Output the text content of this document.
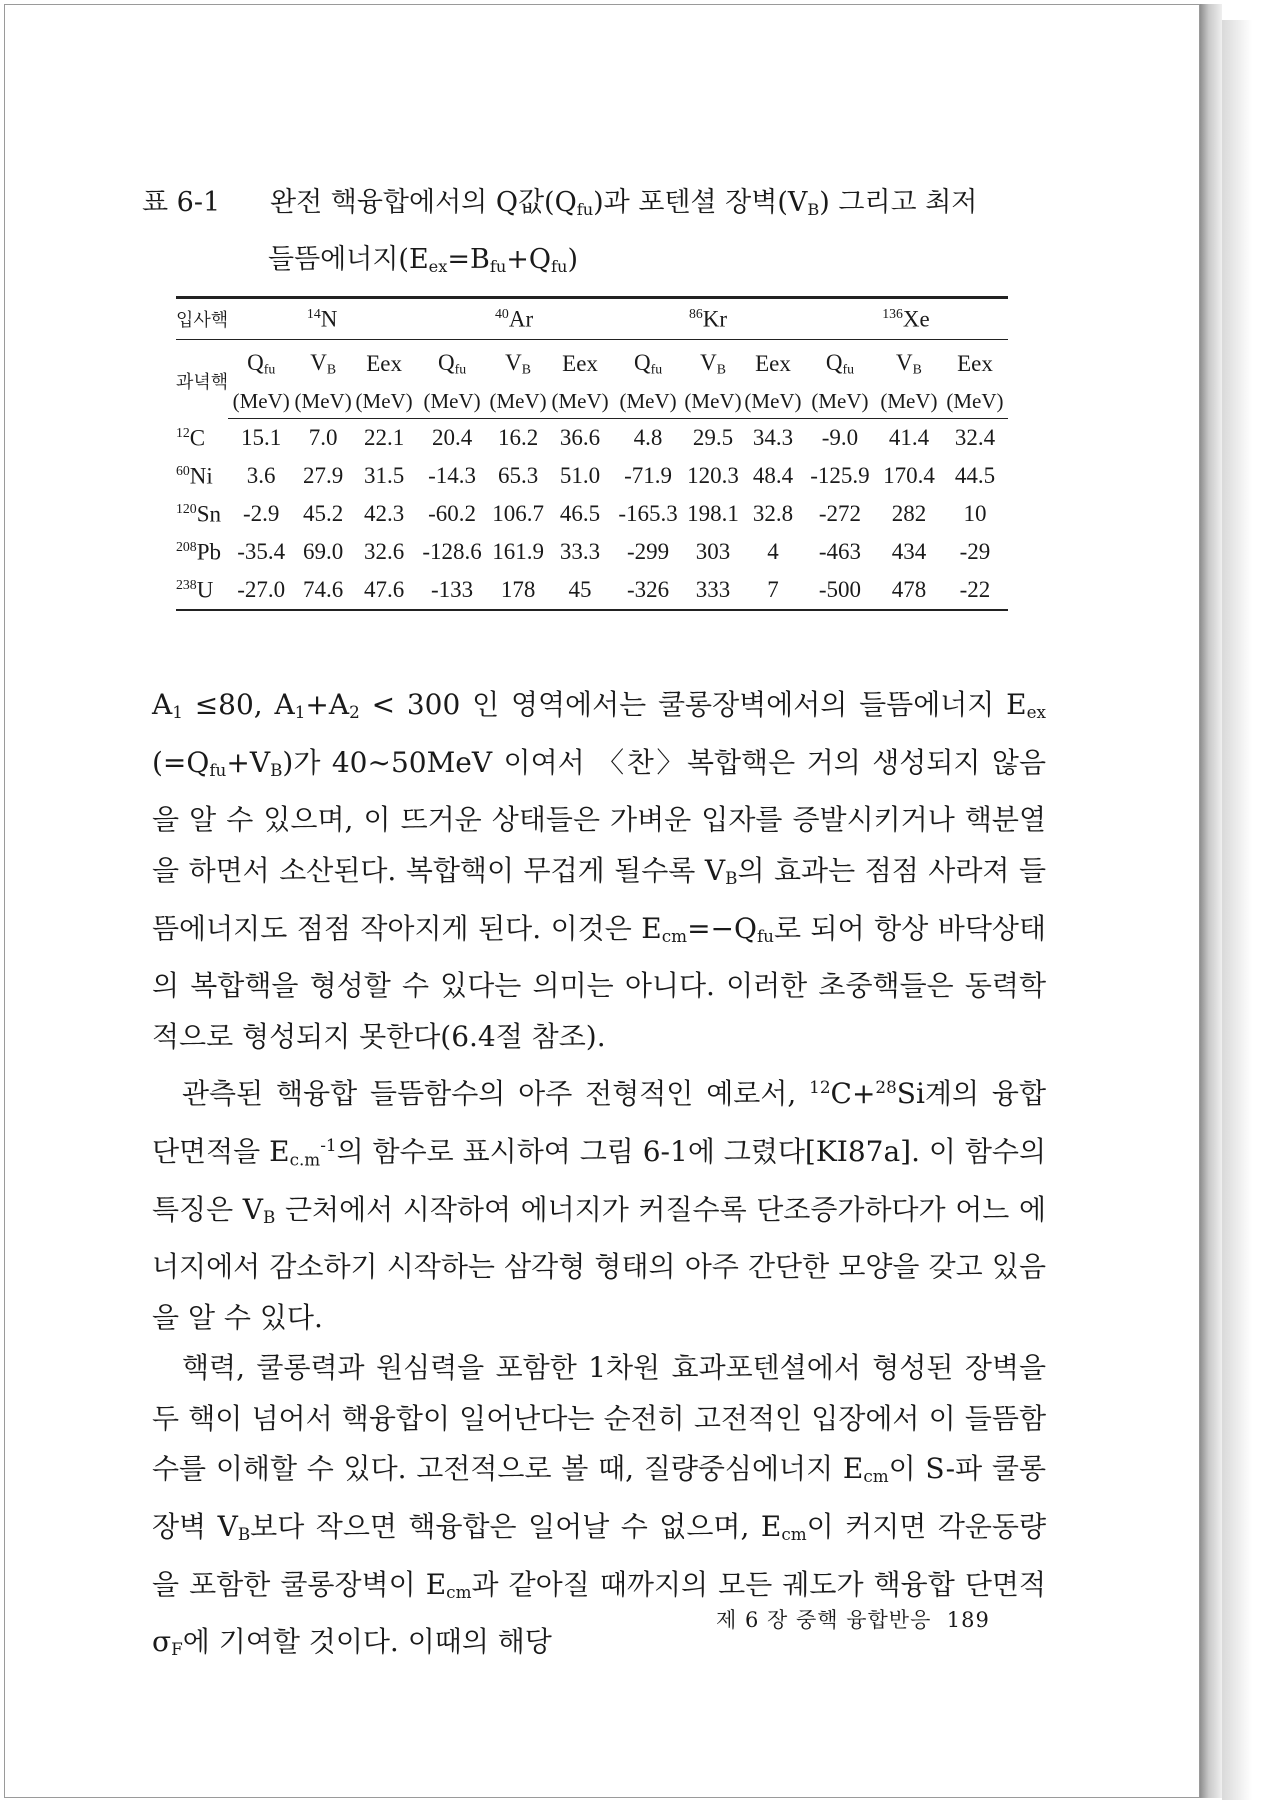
표 6-1 완전 핵융합에서의 Q값$(Q_{fu})$과 포텐셜 장벽$(V_B)$ 그리고 최저
들뜸에너지$(E_{ex}=B_{fu}+Q_{fu})$
입사핵	$^{14}$N			$^{40}$Ar			$^{86}$Kr			$^{136}$Xe		
과녁핵	$Q_{fu}$	$V_B$	Eex	$Q_{fu}$	$V_B$	Eex	$Q_{fu}$	$V_B$	Eex	$Q_{fu}$	$V_B$	Eex
	(MeV)	(MeV)	(MeV)	(MeV)	(MeV)	(MeV)	(MeV)	(MeV)	(MeV)	(MeV)	(MeV)	(MeV)
$^{12}$C	15.1	7.0	22.1	20.4	16.2	36.6	4.8	29.5	34.3	-9.0	41.4	32.4
$^{60}$Ni	3.6	27.9	31.5	-14.3	65.3	51.0	-71.9	120.3	48.4	-125.9	170.4	44.5
$^{120}$Sn	-2.9	45.2	42.3	-60.2	106.7	46.5	-165.3	198.1	32.8	-272	282	10
$^{208}$Pb	-35.4	69.0	32.6	-128.6	161.9	33.3	-299	303	4	-463	434	-29
$^{238}$U	-27.0	74.6	47.6	-133	178	45	-326	333	7	-500	478	-22

$A_1 \le 80$, $A_1+A_2 < 300$ 인 영역에서는 쿨롱장벽에서의 들뜸에너지 $E_{ex}$ $(=Q_{fu}+V_B)$가 40∼50MeV 이여서 〈찬〉복합핵은 거의 생성되지 않음을 알 수 있으며, 이 뜨거운 상태들은 가벼운 입자를 증발시키거나 핵분열을 하면서 소산된다. 복합핵이 무겁게 될수록 $V_B$의 효과는 점점 사라져 들뜸에너지도 점점 작아지게 된다. 이것은 $E_{cm}=-Q_{fu}$로 되어 항상 바닥상태의 복합핵을 형성할 수 있다는 의미는 아니다. 이러한 초중핵들은 동력학적으로 형성되지 못한다(6.4절 참조).

관측된 핵융합 들뜸함수의 아주 전형적인 예로서, $^{12}$C+$^{28}$Si계의 융합 단면적을 $E_{c.m}^{-1}$의 함수로 표시하여 그림 6-1에 그렸다[KI87a]. 이 함수의 특징은 $V_B$ 근처에서 시작하여 에너지가 커질수록 단조증가하다가 어느 에너지에서 감소하기 시작하는 삼각형 형태의 아주 간단한 모양을 갖고 있음을 알 수 있다.

핵력, 쿨롱력과 원심력을 포함한 1차원 효과포텐셜에서 형성된 장벽을 두 핵이 넘어서 핵융합이 일어난다는 순전히 고전적인 입장에서 이 들뜸함수를 이해할 수 있다. 고전적으로 볼 때, 질량중심에너지 $E_{cm}$이 S-파 쿨롱장벽 $V_B$보다 작으면 핵융합은 일어날 수 없으며, $E_{cm}$이 커지면 각운동량을 포함한 쿨롱장벽이 $E_{cm}$과 같아질 때까지의 모든 궤도가 핵융합 단면적 $\sigma_F$에 기여할 것이다. 이때의 해당

제 6 장 중핵 융합반응 189
